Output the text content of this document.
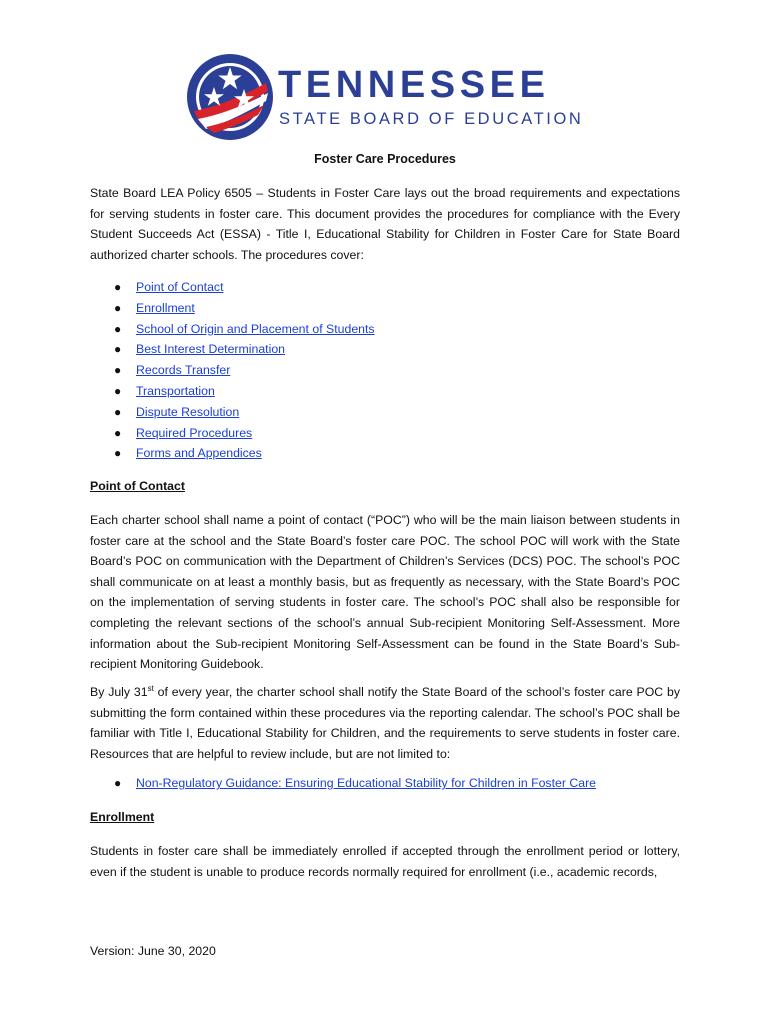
TENNESSEE
STATE BOARD OF EDUCATION
Foster Care Procedures

State Board LEA Policy 6505 – Students in Foster Care lays out the broad requirements and expectations for serving students in foster care. This document provides the procedures for compliance with the Every Student Succeeds Act (ESSA) - Title I, Educational Stability for Children in Foster Care for State Board authorized charter schools. The procedures cover:

● Point of Contact
● Enrollment
● School of Origin and Placement of Students
● Best Interest Determination
● Records Transfer
● Transportation
● Dispute Resolution
● Required Procedures
● Forms and Appendices
Point of Contact

Each charter school shall name a point of contact (“POC”) who will be the main liaison between students in foster care at the school and the State Board’s foster care POC. The school POC will work with the State Board’s POC on communication with the Department of Children’s Services (DCS) POC. The school’s POC shall communicate on at least a monthly basis, but as frequently as necessary, with the State Board’s POC on the implementation of serving students in foster care. The school’s POC shall also be responsible for completing the relevant sections of the school’s annual Sub-recipient Monitoring Self-Assessment. More information about the Sub-recipient Monitoring Self-Assessment can be found in the State Board’s Sub-recipient Monitoring Guidebook.

By July 31st of every year, the charter school shall notify the State Board of the school’s foster care POC by submitting the form contained within these procedures via the reporting calendar. The school’s POC shall be familiar with Title I, Educational Stability for Children, and the requirements to serve students in foster care. Resources that are helpful to review include, but are not limited to:

● Non-Regulatory Guidance: Ensuring Educational Stability for Children in Foster Care
Enrollment

Students in foster care shall be immediately enrolled if accepted through the enrollment period or lottery, even if the student is unable to produce records normally required for enrollment (i.e., academic records,

Version: June 30, 2020
